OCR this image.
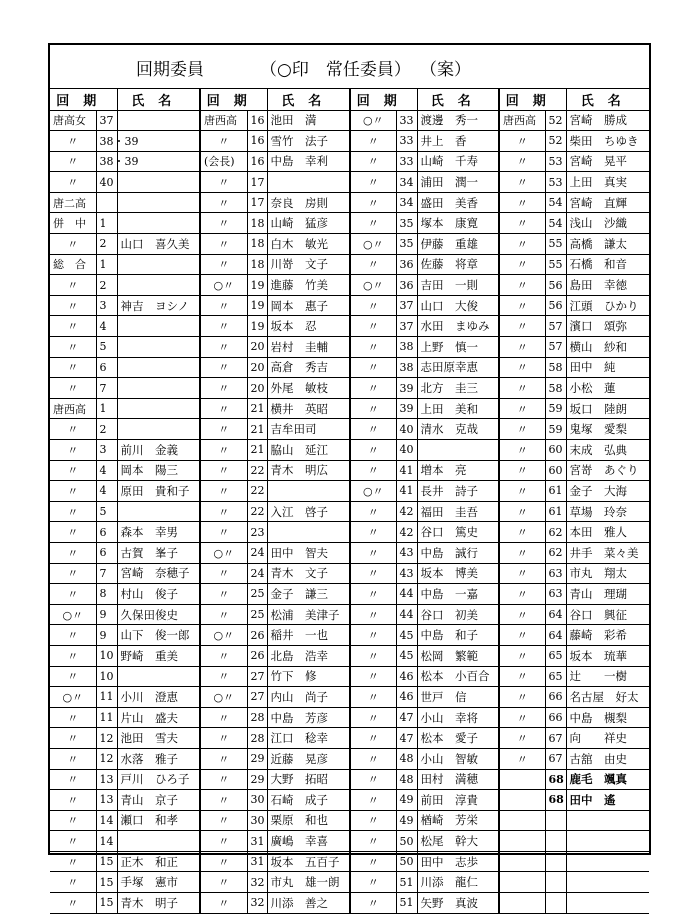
回期委員	（○印　常任委員） （案）
回期		氏名	回期		氏名	回期		氏名	回期		氏名
唐高女	37		唐西高	16	池田　満	○〃	33	渡邊　秀一	唐西高	52	宮崎　勝成
〃	38・39		〃	16	雪竹　法子	〃	33	井上　香	〃	52	柴田　ちゆき
〃	38・39		(会長)	16	中島　幸利	〃	33	山崎　千寿	〃	53	宮崎　晃平
〃	40		〃	17		〃	34	浦田　潤一	〃	53	上田　真実
唐二高			〃	17	奈良　房則	〃	34	盛田　美香	〃	54	宮崎　直輝
併　中	1		〃	18	山崎　猛彦	〃	35	塚本　康寛	〃	54	浅山　沙織
〃	2	山口　喜久美	〃	18	白木　敏光	○〃	35	伊藤　重雄	〃	55	高橋　謙太
総　合	1		〃	18	川嵜　文子	〃	36	佐藤　将章	〃	55	石橋　和音
〃	2		○〃	19	進藤　竹美	○〃	36	吉田　一則	〃	56	島田　幸徳
〃	3	神吉　ヨシノ	〃	19	岡本　惠子	〃	37	山口　大俊	〃	56	江頭　ひかり
〃	4		〃	19	坂本　忍	〃	37	水田　まゆみ	〃	57	濱口　頌弥
〃	5		〃	20	岩村　圭輔	〃	38	上野　慎一	〃	57	横山　紗和
〃	6		〃	20	高倉　秀吉	〃	38	志田原幸恵	〃	58	田中　純
〃	7		〃	20	外尾　敏枝	〃	39	北方　圭三	〃	58	小松　蓮
唐西高	1		〃	21	横井　英昭	〃	39	上田　美和	〃	59	坂口　陸朗
〃	2		〃	21	吉牟田司	〃	40	清水　克哉	〃	59	鬼塚　愛梨
〃	3	前川　金義	〃	21	脇山　延江	〃	40		〃	60	末成　弘典
〃	4	岡本　陽三	〃	22	青木　明広	〃	41	増本　亮	〃	60	宮嵜　あぐり
〃	4	原田　貴和子	〃	22		○〃	41	長井　詩子	〃	61	金子　大海
〃	5		〃	22	入江　啓子	〃	42	福田　圭吾	〃	61	草場　玲奈
〃	6	森本　幸男	〃	23		〃	42	谷口　篤史	〃	62	本田　雅人
〃	6	古賀　峯子	○〃	24	田中　智夫	〃	43	中島　誠行	〃	62	井手　菜々美
〃	7	宮崎　奈穂子	〃	24	青木　文子	〃	43	坂本　博美	〃	63	市丸　翔太
〃	8	村山　俊子	〃	25	金子　謙三	〃	44	中島　一嘉	〃	63	青山　理瑚
○〃	9	久保田俊史	〃	25	松浦　美津子	〃	44	谷口　初美	〃	64	谷口　興征
〃	9	山下　俊一郎	○〃	26	稲井　一也	〃	45	中島　和子	〃	64	藤崎　彩希
〃	10	野崎　重美	〃	26	北島　浩幸	〃	45	松岡　繁範	〃	65	坂本　琉華
〃	10		〃	27	竹下　修	〃	46	松本　小百合	〃	65	辻　　一樹
○〃	11	小川　澄恵	○〃	27	内山　尚子	〃	46	世戸　信	〃	66	名古屋　好太
〃	11	片山　盛夫	〃	28	中島　芳彦	〃	47	小山　幸将	〃	66	中島　槻梨
〃	12	池田　雪夫	〃	28	江口　稔幸	〃	47	松本　愛子	〃	67	向　　祥史
〃	12	水落　雅子	〃	29	近藤　晃彦	〃	48	小山　智敏	〃	67	古舘　由史
〃	13	戸川　ひろ子	〃	29	大野　拓昭	〃	48	田村　満穂		68	鹿毛　颯真
〃	13	青山　京子	〃	30	石崎　成子	〃	49	前田　淳貴		68	田中　遙
〃	14	瀬口　和孝	〃	30	栗原　和也	〃	49	楢崎　芳栄			
〃	14		〃	31	廣嶋　幸喜	〃	50	松尾　幹大			
〃	15	正木　和正	〃	31	坂本　五百子	〃	50	田中　志歩			
〃	15	手塚　憲市	〃	32	市丸　雄一朗	〃	51	川添　龍仁			
〃	15	青木　明子	〃	32	川添　善之	〃	51	矢野　真波			
